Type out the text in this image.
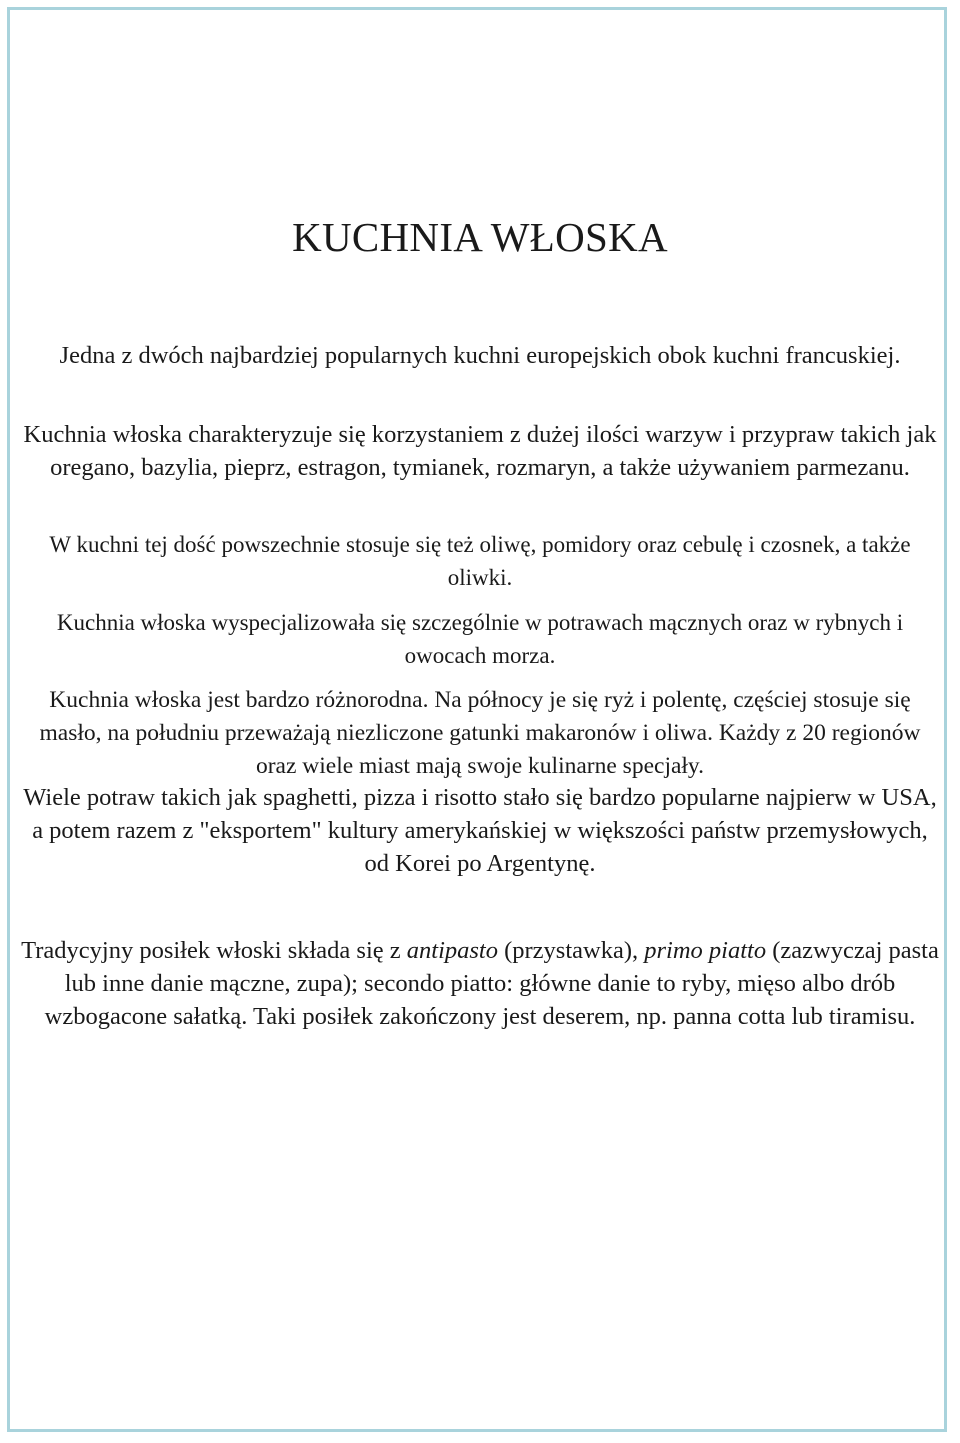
KUCHNIA WŁOSKA

Jedna z dwóch najbardziej popularnych kuchni europejskich obok kuchni francuskiej.

Kuchnia włoska charakteryzuje się korzystaniem z dużej ilości warzyw i przypraw takich jak oregano, bazylia, pieprz, estragon, tymianek, rozmaryn, a także używaniem parmezanu.

W kuchni tej dość powszechnie stosuje się też oliwę, pomidory oraz cebulę i czosnek, a także oliwki.

Kuchnia włoska wyspecjalizowała się szczególnie w potrawach mącznych oraz w rybnych i owocach morza.

Kuchnia włoska jest bardzo różnorodna. Na północy je się ryż i polentę, częściej stosuje się masło, na południu przeważają niezliczone gatunki makaronów i oliwa. Każdy z 20 regionów oraz wiele miast mają swoje kulinarne specjały.

Wiele potraw takich jak spaghetti, pizza i risotto stało się bardzo popularne najpierw w USA, a potem razem z "eksportem" kultury amerykańskiej w większości państw przemysłowych, od Korei po Argentynę.

Tradycyjny posiłek włoski składa się z antipasto (przystawka), primo piatto (zazwyczaj pasta lub inne danie mączne, zupa); secondo piatto: główne danie to ryby, mięso albo drób wzbogacone sałatką. Taki posiłek zakończony jest deserem, np. panna cotta lub tiramisu.
